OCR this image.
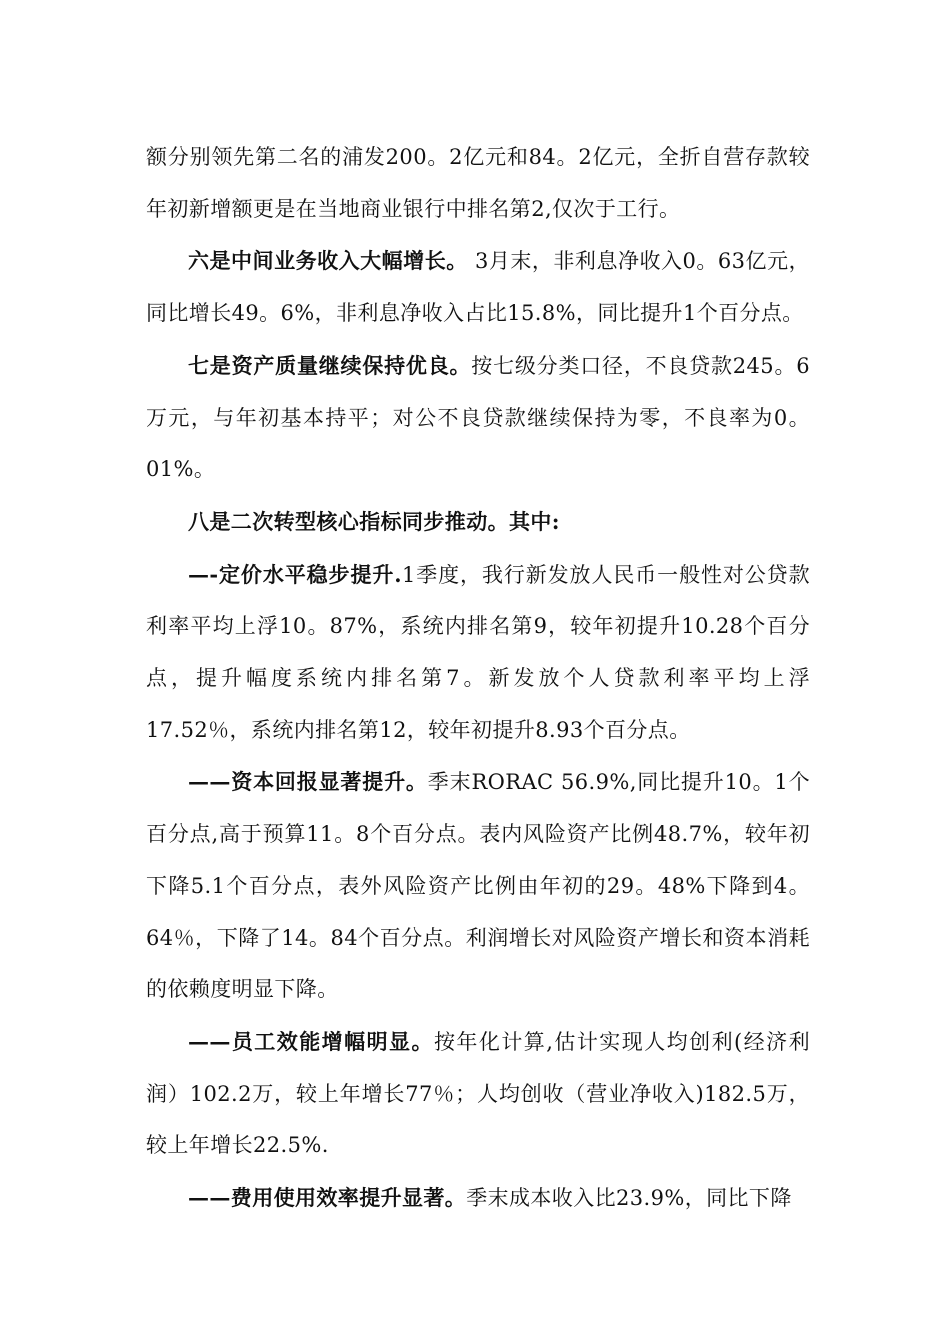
额分别领先第二名的浦发200。2亿元和84。2亿元，全折自营存款较年初新增额更是在当地商业银行中排名第2,仅次于工行。

六是中间业务收入大幅增长。 3月末，非利息净收入0。63亿元，同比增长49。6%，非利息净收入占比15.8%，同比提升1个百分点。

七是资产质量继续保持优良。按七级分类口径，不良贷款245。6万元，与年初基本持平；对公不良贷款继续保持为零，不良率为0。01%。

八是二次转型核心指标同步推动。其中:

—-定价水平稳步提升.1季度，我行新发放人民币一般性对公贷款利率平均上浮10。87%，系统内排名第9，较年初提升10.28个百分点，提升幅度系统内排名第7。新发放个人贷款利率平均上浮17.52％，系统内排名第12，较年初提升8.93个百分点。

——资本回报显著提升。季末RORAC 56.9%,同比提升10。1个百分点,高于预算11。8个百分点。表内风险资产比例48.7%，较年初下降5.1个百分点，表外风险资产比例由年初的29。48%下降到4。64％，下降了14。84个百分点。利润增长对风险资产增长和资本消耗的依赖度明显下降。

——员工效能增幅明显。按年化计算,估计实现人均创利(经济利润）102.2万，较上年增长77％；人均创收（营业净收入)182.5万，较上年增长22.5%.

——费用使用效率提升显著。季末成本收入比23.9%，同比下降
